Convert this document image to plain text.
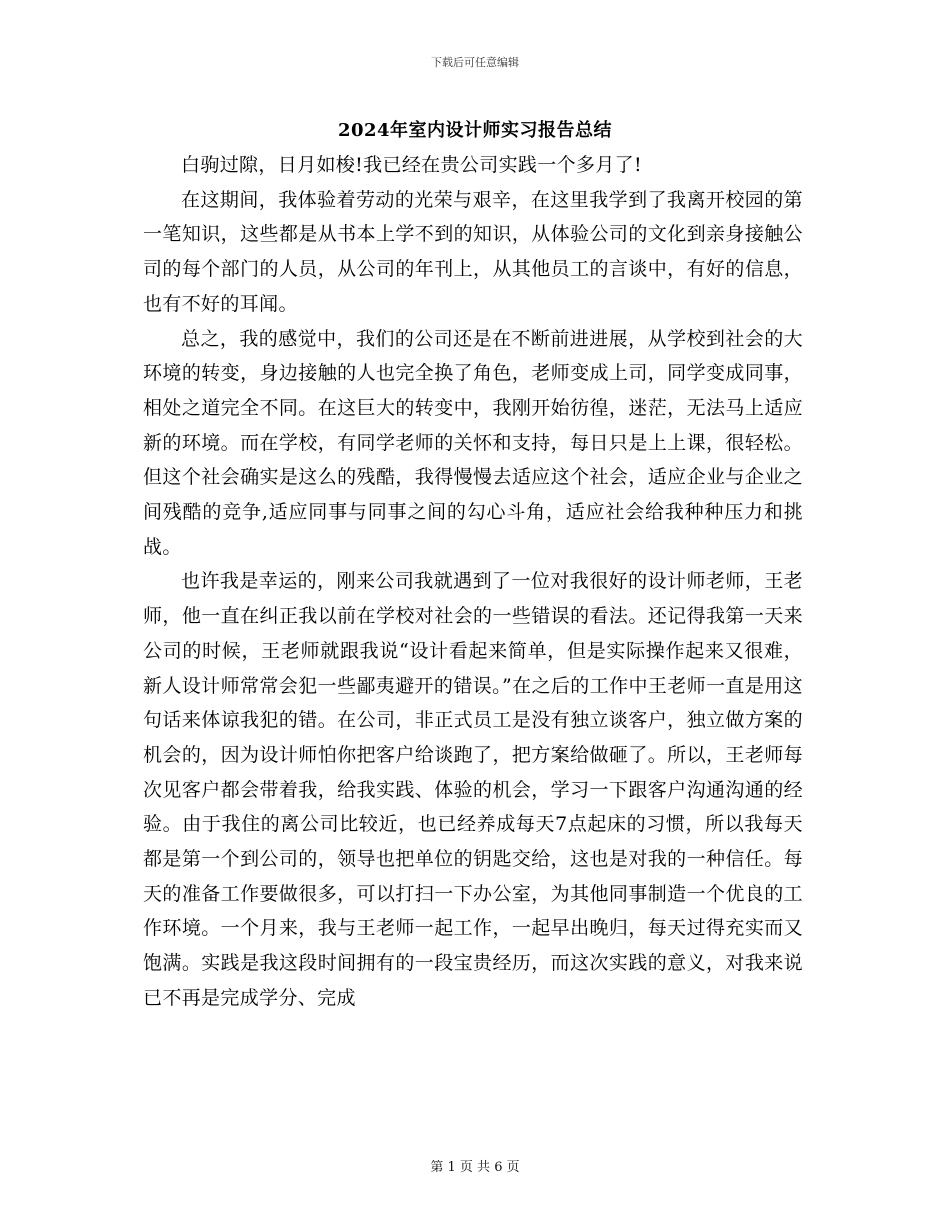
下载后可任意编辑
2024年室内设计师实习报告总结

白驹过隙，日月如梭!我已经在贵公司实践一个多月了!

在这期间，我体验着劳动的光荣与艰辛，在这里我学到了我离开校园的第一笔知识，这些都是从书本上学不到的知识，从体验公司的文化到亲身接触公司的每个部门的人员，从公司的年刊上，从其他员工的言谈中，有好的信息，也有不好的耳闻。

总之，我的感觉中，我们的公司还是在不断前进进展，从学校到社会的大环境的转变，身边接触的人也完全换了角色，老师变成上司，同学变成同事，相处之道完全不同。在这巨大的转变中，我刚开始彷徨，迷茫，无法马上适应新的环境。而在学校，有同学老师的关怀和支持，每日只是上上课，很轻松。但这个社会确实是这么的残酷，我得慢慢去适应这个社会，适应企业与企业之间残酷的竞争,适应同事与同事之间的勾心斗角，适应社会给我种种压力和挑战。

也许我是幸运的，刚来公司我就遇到了一位对我很好的设计师老师，王老师，他一直在纠正我以前在学校对社会的一些错误的看法。还记得我第一天来公司的时候，王老师就跟我说“设计看起来简单，但是实际操作起来又很难，新人设计师常常会犯一些鄙夷避开的错误。”在之后的工作中王老师一直是用这句话来体谅我犯的错。在公司，非正式员工是没有独立谈客户，独立做方案的机会的，因为设计师怕你把客户给谈跑了，把方案给做砸了。所以，王老师每次见客户都会带着我，给我实践、体验的机会，学习一下跟客户沟通沟通的经验。由于我住的离公司比较近，也已经养成每天7点起床的习惯，所以我每天都是第一个到公司的，领导也把单位的钥匙交给，这也是对我的一种信任。每天的准备工作要做很多，可以打扫一下办公室，为其他同事制造一个优良的工作环境。一个月来，我与王老师一起工作，一起早出晚归，每天过得充实而又饱满。实践是我这段时间拥有的一段宝贵经历，而这次实践的意义，对我来说已不再是完成学分、完成

第 1 页 共 6 页
